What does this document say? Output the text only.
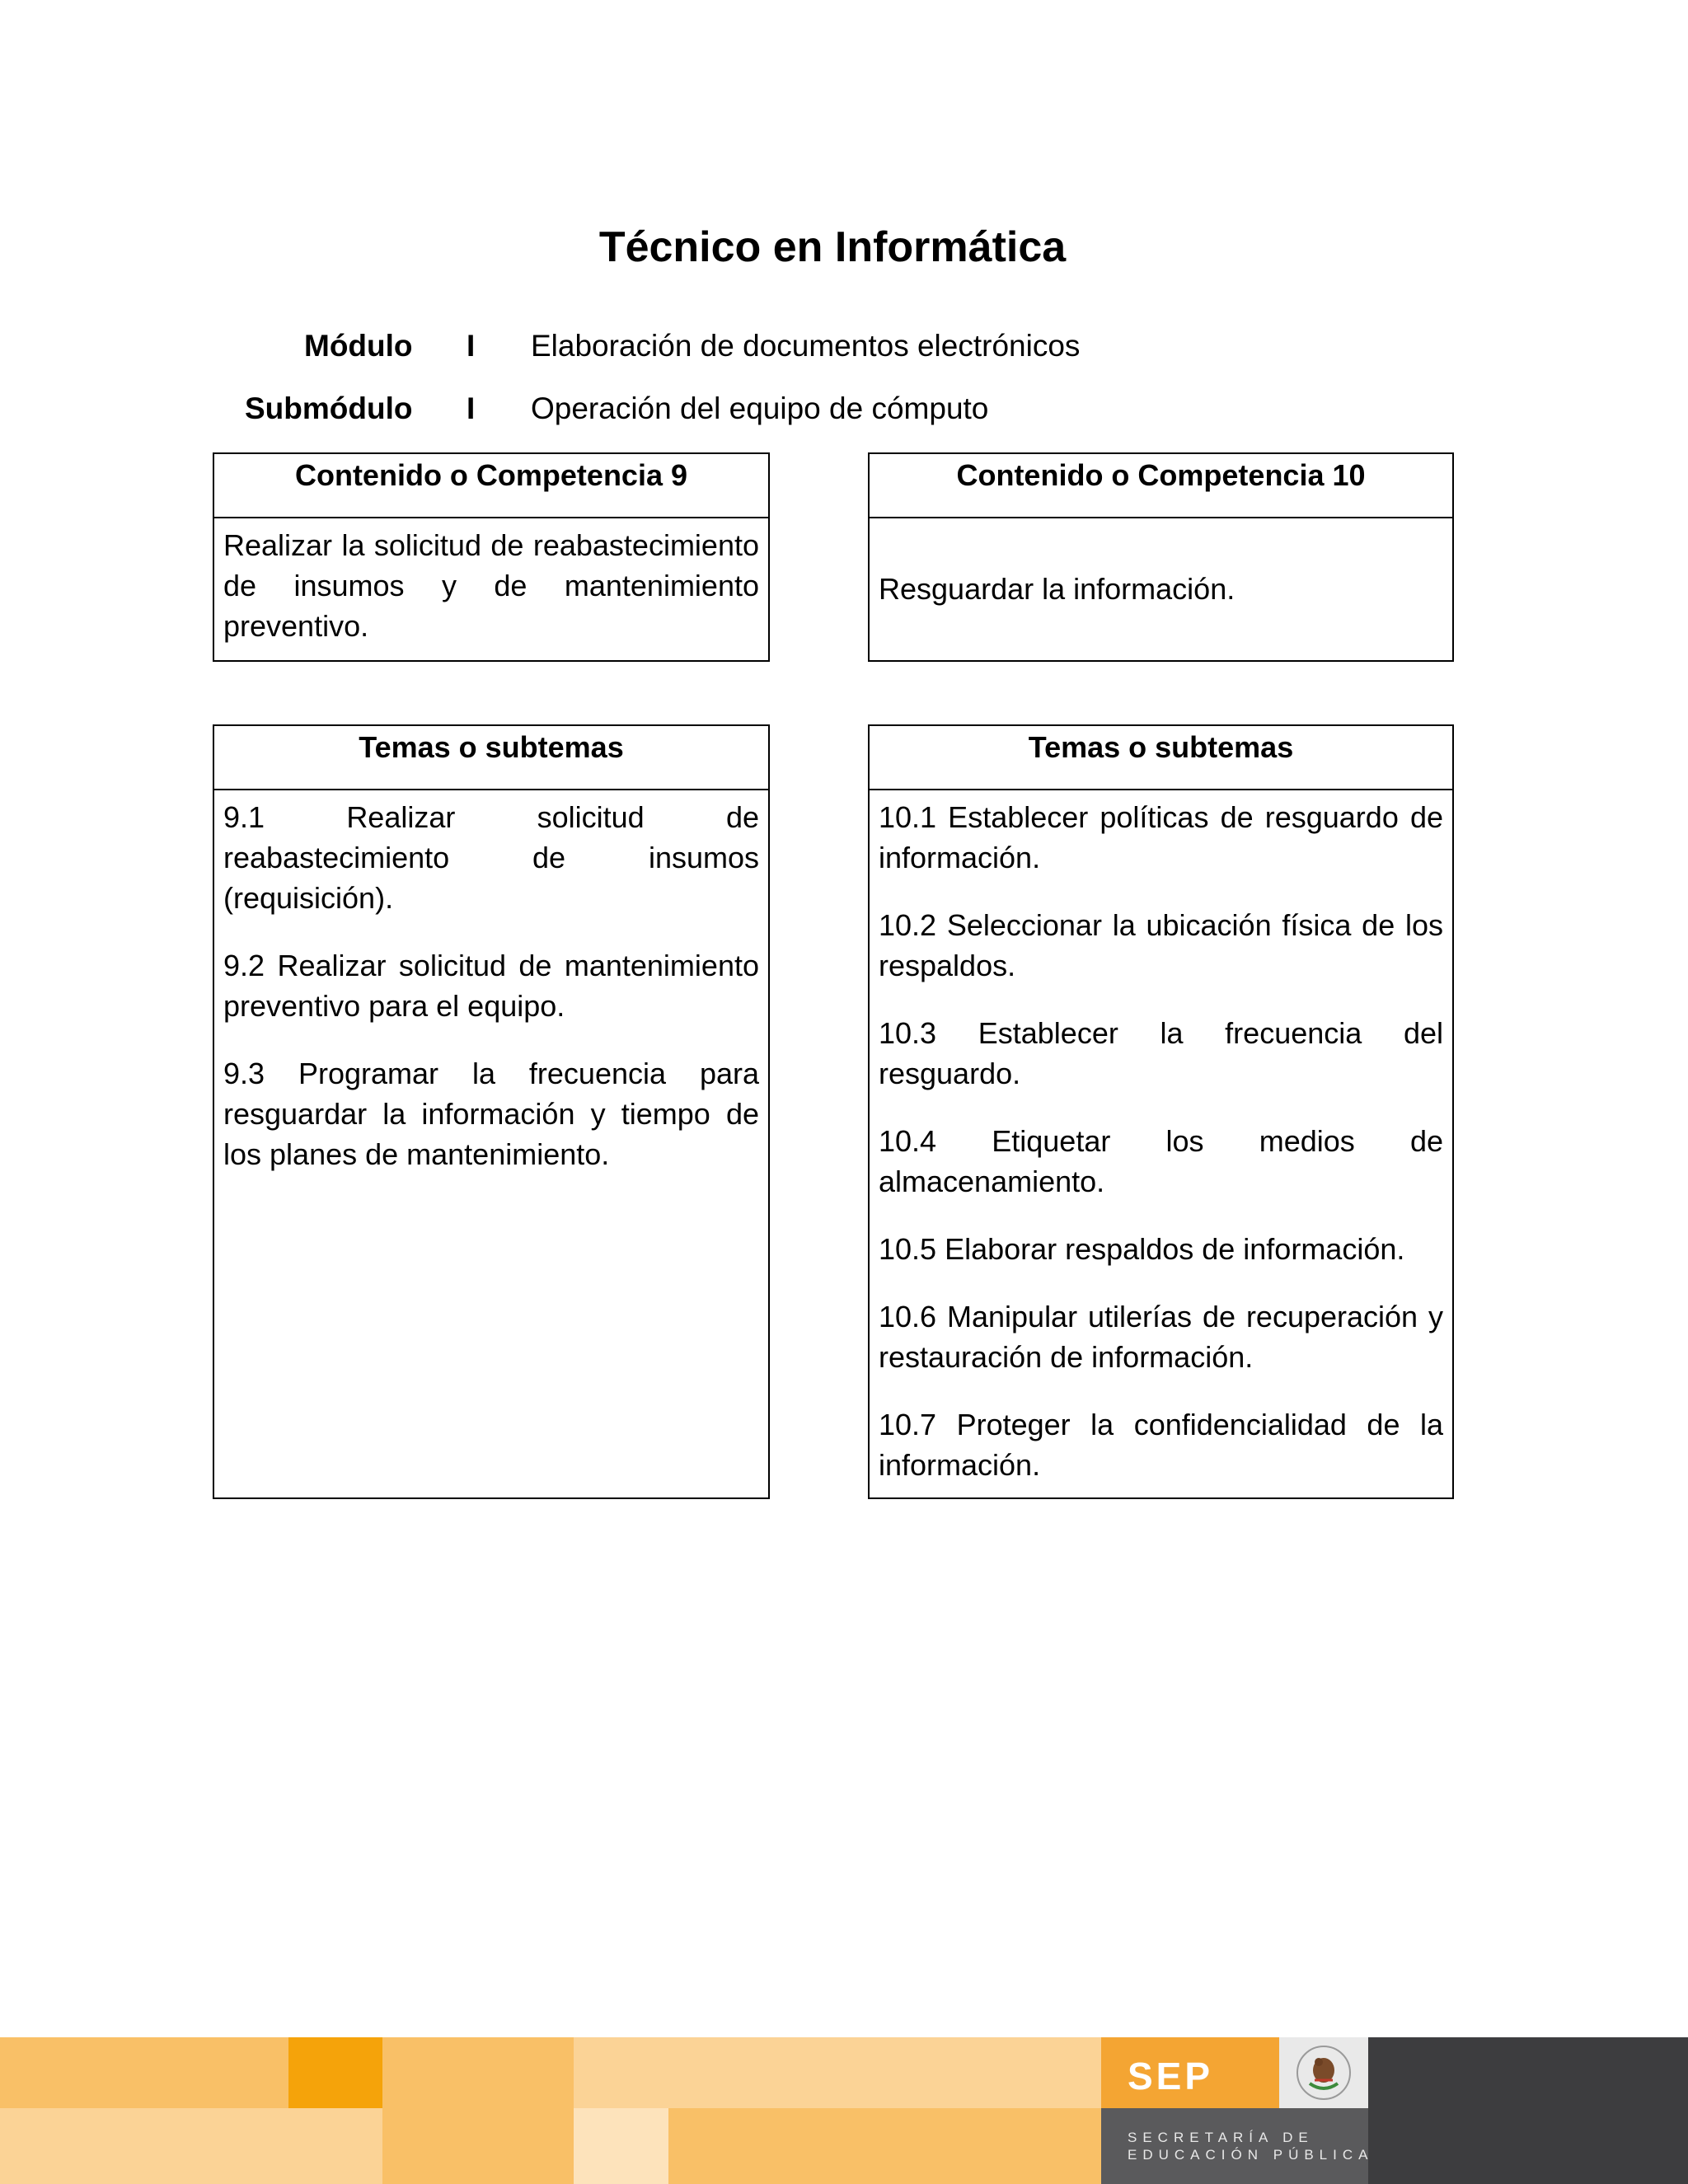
Técnico en Informática
Módulo I Elaboración de documentos electrónicos
Submódulo I Operación del equipo de cómputo
Contenido o Competencia 9

Realizar la solicitud de reabastecimiento de insumos y de mantenimiento preventivo.

Contenido o Competencia 10
Resguardar la información.
Temas o subtemas

9.1 Realizar solicitud de reabastecimiento de insumos (requisición).

9.2 Realizar solicitud de mantenimiento preventivo para el equipo.

9.3 Programar la frecuencia para resguardar la información y tiempo de los planes de mantenimiento.

Temas o subtemas

10.1 Establecer políticas de resguardo de información.

10.2 Seleccionar la ubicación física de los respaldos.

10.3 Establecer la frecuencia del resguardo.

10.4 Etiquetar los medios de almacenamiento.

10.5 Elaborar respaldos de información.

10.6 Manipular utilerías de recuperación y restauración de información.

10.7 Proteger la confidencialidad de la información.

SEP
SECRETARÍA DE
EDUCACIÓN PÚBLICA
